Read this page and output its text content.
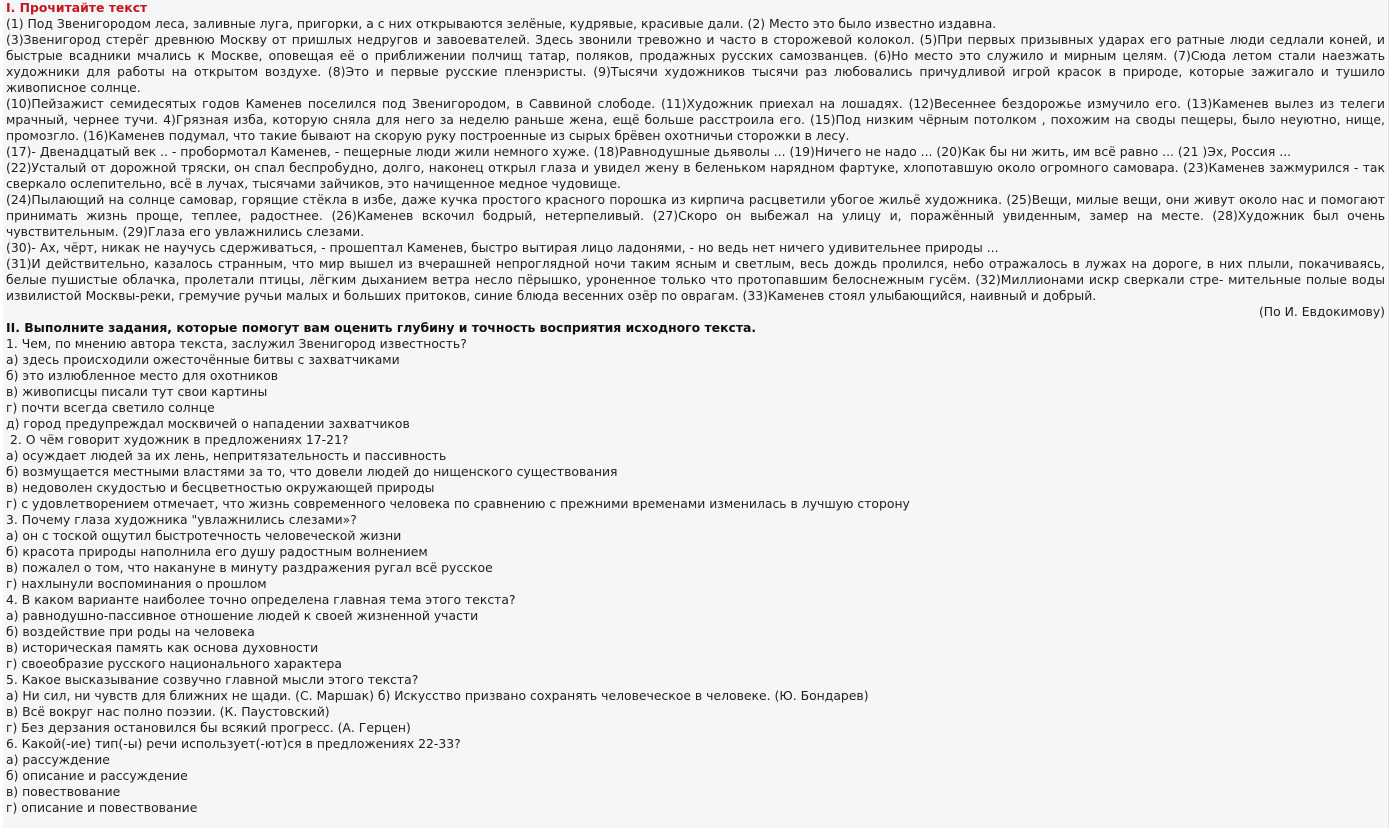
I. Прочитайте текст

(1) Под Звенигородом леса, заливные луга, пригорки, а с них открываются зелёные, кудрявые, красивые дали. (2) Место это было известно издавна.

(3)Звенигород стерёг древнюю Москву от пришлых недругов и завоевателей. Здесь звонили тревожно и часто в сторожевой колокол. (5)При первых призывных ударах его ратные люди седлали коней, и быстрые всадники мчались к Москве, оповещая её о приближении полчищ татар, поляков, продажных русских самозванцев. (6)Но место это служило и мирным целям. (7)Сюда летом стали наезжать художники для работы на открытом воздухе. (8)Это и первые русские пленэристы. (9)Тысячи художников тысячи раз любовались причудливой игрой красок в природе, которые зажигало и тушило живописное солнце.

(10)Пейзажист семидесятых годов Каменев поселился под Звенигородом, в Саввиной слободе. (11)Художник приехал на лошадях. (12)Весеннее бездорожье измучило его. (13)Каменев вылез из телеги мрачный, чернее тучи. 4)Грязная изба, которую сняла для него за неделю раньше жена, ещё больше расстроила его. (15)Под низким чёрным потолком , похожим на своды пещеры, было неуютно, нище, промозгло. (16)Каменев подумал, что такие бывают на скорую руку построенные из сырых брёвен охотничьи сторожки в лесу.

(17)- Двенадцатый век .. - пробормотал Каменев, - пещерные люди жили немного хуже. (18)Равнодушные дьяволы ... (19)Ничего не надо ... (20)Как бы ни жить, им всё равно ... (21 )Эх, Россия ...

(22)Усталый от дорожной тряски, он спал беспробудно, долго, наконец открыл глаза и увидел жену в беленьком нарядном фартуке, хлопотавшую около огромного самовара. (23)Каменев зажмурился - так сверкало ослепительно, всё в лучах, тысячами зайчиков, это начищенное медное чудовище.

(24)Пылающий на солнце самовар, горящие стёкла в избе, даже кучка простого красного порошка из кирпича расцветили убогое жильё художника. (25)Вещи, милые вещи, они живут около нас и помогают принимать жизнь проще, теплее, радостнее. (26)Каменев вскочил бодрый, нетерпеливый. (27)Скоро он выбежал на улицу и, поражённый увиденным, замер на месте. (28)Художник был очень чувствительным. (29)Глаза его увлажнились слезами.

(30)- Ах, чёрт, никак не научусь сдерживаться, - прошептал Каменев, быстро вытирая лицо ладонями, - но ведь нет ничего удивительнее природы ...

(31)И действительно, казалось странным, что мир вышел из вчерашней непроглядной ночи таким ясным и светлым, весь дождь пролился, небо отражалось в лужах на дороге, в них плыли, покачиваясь, белые пушистые облачка, пролетали птицы, лёгким дыханием ветра несло пёрышко, уроненное только что протопавшим белоснежным гусём. (32)Миллионами искр сверкали стре- мительные полые воды извилистой Москвы-реки, гремучие ручьи малых и больших притоков, синие блюда весенних озёр по оврагам. (33)Каменев стоял улыбающийся, наивный и добрый.

(По И. Евдокимову)

II. Выполните задания, которые помогут вам оценить глубину и точность восприятия исходного текста.

1. Чем, по мнению автора текста, заслужил Звенигород известность?

а) здесь происходили ожесточённые битвы с захватчиками

б) это излюбленное место для охотников

в) живописцы писали тут свои картины

г) почти всегда светило солнце

д) город предупреждал москвичей о нападении захватчиков

2. О чём говорит художник в предложениях 17-21?

а) осуждает людей за их лень, непритязательность и пассивность

б) возмущается местными властями за то, что довели людей до нищенского существования

в) недоволен скудостью и бесцветностью окружающей природы

г) с удовлетворением отмечает, что жизнь современного человека по сравнению с прежними временами изменилась в лучшую сторону

3. Почему глаза художника "увлажнились слезами»?

а) он с тоской ощутил быстротечность человеческой жизни

б) красота природы наполнила его душу радостным волнением

в) пожалел о том, что накануне в минуту раздражения ругал всё русское

г) нахлынули воспоминания о прошлом

4. В каком варианте наиболее точно определена главная тема этого текста?

а) равнодушно-пассивное отношение людей к своей жизненной участи

б) воздействие при роды на человека

в) историческая память как основа духовности

г) своеобразие русского национального характера

5. Какое высказывание созвучно главной мысли этого текста?

а) Ни сил, ни чувств для ближних не щади. (С. Маршак) б) Искусство призвано сохранять человеческое в человеке. (Ю. Бондарев)

в) Всё вокруг нас полно поэзии. (К. Паустовский)

г) Без дерзания остановился бы всякий прогресс. (А. Герцен)

6. Какой(-ие) тип(-ы) речи использует(-ют)ся в предложениях 22-33?

а) рассуждение

б) описание и рассуждение

в) повествование

г) описание и повествование
